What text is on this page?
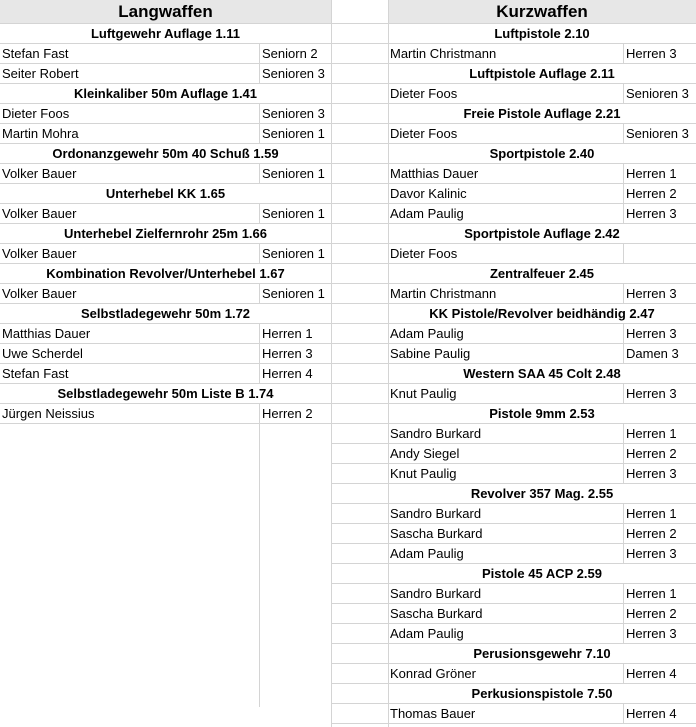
Langwaffen
Luftgewehr Auflage 1.11
Stefan Fast	Seniorn 2
Seiter Robert	Senioren 3
Kleinkaliber 50m Auflage 1.41
Dieter Foos	Senioren 3
Martin Mohra	Senioren 1
Ordonanzgewehr 50m 40 Schuß 1.59
Volker Bauer	Senioren 1
Unterhebel KK 1.65
Volker Bauer	Senioren 1
Unterhebel Zielfernrohr 25m 1.66
Volker Bauer	Senioren 1
Kombination Revolver/Unterhebel 1.67
Volker Bauer	Senioren 1
Selbstladegewehr 50m 1.72
Matthias Dauer	Herren 1
Uwe Scherdel	Herren 3
Stefan Fast	Herren 4
Selbstladegewehr 50m Liste B 1.74
Jürgen Neissius	Herren 2
Kurzwaffen
Luftpistole 2.10
Martin Christmann	Herren 3
Luftpistole Auflage 2.11
Dieter Foos	Senioren 3
Freie Pistole Auflage 2.21
Dieter Foos	Senioren 3
Sportpistole 2.40
Matthias Dauer	Herren 1
Davor Kalinic	Herren 2
Adam Paulig	Herren 3
Sportpistole Auflage 2.42
Dieter Foos
Zentralfeuer 2.45
Martin Christmann	Herren 3
KK Pistole/Revolver beidhändig 2.47
Adam Paulig	Herren 3
Sabine Paulig	Damen 3
Western SAA 45 Colt 2.48
Knut Paulig	Herren 3
Pistole 9mm 2.53
Sandro Burkard	Herren 1
Andy Siegel	Herren 2
Knut Paulig	Herren 3
Revolver 357 Mag. 2.55
Sandro Burkard	Herren 1
Sascha Burkard	Herren 2
Adam Paulig	Herren 3
Pistole 45 ACP 2.59
Sandro Burkard	Herren 1
Sascha Burkard	Herren 2
Adam Paulig	Herren 3
Perusionsgewehr 7.10
Konrad Gröner	Herren 4
Perkusionspistole 7.50
Thomas Bauer	Herren 4
